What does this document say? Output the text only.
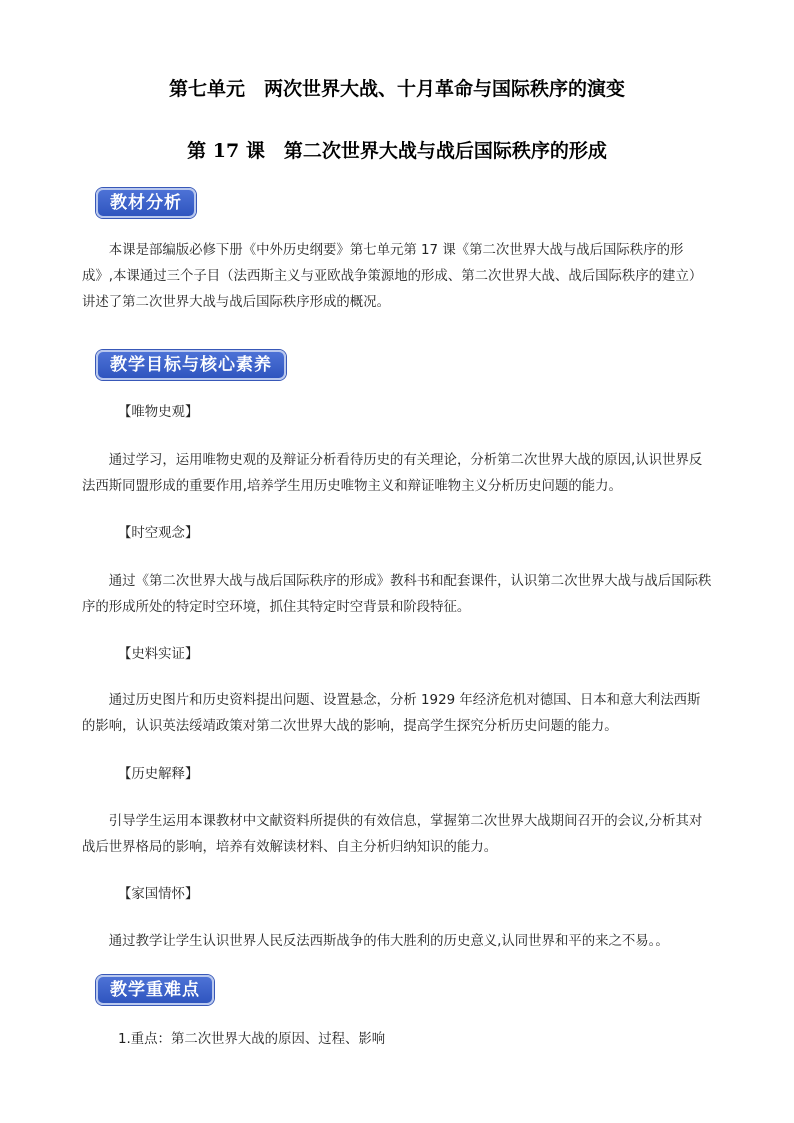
第七单元　两次世界大战、十月革命与国际秩序的演变
第 17 课　第二次世界大战与战后国际秩序的形成
教材分析

本课是部编版必修下册《中外历史纲要》第七单元第 17 课《第二次世界大战与战后国际秩序的形成》,本课通过三个子目（法西斯主义与亚欧战争策源地的形成、第二次世界大战、战后国际秩序的建立）讲述了第二次世界大战与战后国际秩序形成的概况。

教学目标与核心素养

【唯物史观】

通过学习，运用唯物史观的及辩证分析看待历史的有关理论，分析第二次世界大战的原因,认识世界反法西斯同盟形成的重要作用,培养学生用历史唯物主义和辩证唯物主义分析历史问题的能力。

【时空观念】

通过《第二次世界大战与战后国际秩序的形成》教科书和配套课件，认识第二次世界大战与战后国际秩序的形成所处的特定时空环境，抓住其特定时空背景和阶段特征。

【史料实证】

通过历史图片和历史资料提出问题、设置悬念，分析 1929 年经济危机对德国、日本和意大利法西斯的影响，认识英法绥靖政策对第二次世界大战的影响，提高学生探究分析历史问题的能力。

【历史解释】

引导学生运用本课教材中文献资料所提供的有效信息，掌握第二次世界大战期间召开的会议,分析其对战后世界格局的影响，培养有效解读材料、自主分析归纳知识的能力。

【家国情怀】

通过教学让学生认识世界人民反法西斯战争的伟大胜利的历史意义,认同世界和平的来之不易。。

教学重难点

1.重点：第二次世界大战的原因、过程、影响
